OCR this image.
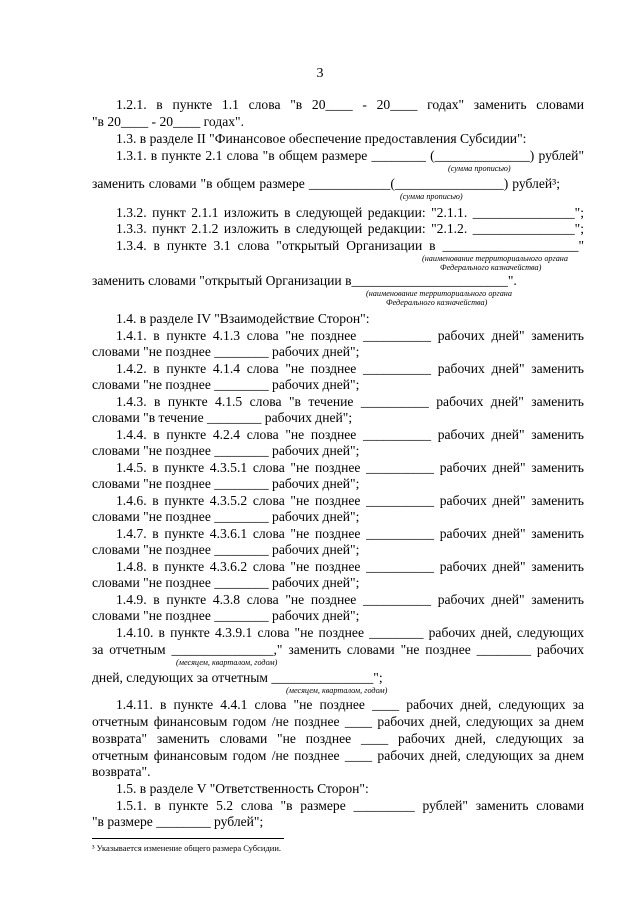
3
1.2.1. в пункте 1.1 слова "в 20____ - 20____ годах" заменить словами
"в 20____ - 20____ годах".
1.3. в разделе II "Финансовое обеспечение предоставления Субсидии":
1.3.1. в пункте 2.1 слова "в общем размере ________ (______________) рублей"
(сумма прописью)
заменить словами "в общем размере ____________(________________) рублей³;
(сумма прописью)
1.3.2. пункт 2.1.1 изложить в следующей редакции: "2.1.1. _______________";
1.3.3. пункт 2.1.2 изложить в следующей редакции: "2.1.2. _______________";
1.3.4. в пункте 3.1 слова "открытый Организации в ____________________"
(наименование территориального органа
Федерального казначейства)
заменить словами "открытый Организации в_______________________".
(наименование территориального органа
Федерального казначейства)
1.4. в разделе IV "Взаимодействие Сторон":
1.4.1. в пункте 4.1.3 слова "не позднее __________ рабочих дней" заменить
словами "не позднее ________ рабочих дней";
1.4.2. в пункте 4.1.4 слова "не позднее __________ рабочих дней" заменить
словами "не позднее ________ рабочих дней";
1.4.3. в пункте 4.1.5 слова "в течение __________ рабочих дней" заменить
словами "в течение ________ рабочих дней";
1.4.4. в пункте 4.2.4 слова "не позднее __________ рабочих дней" заменить
словами "не позднее ________ рабочих дней";
1.4.5. в пункте 4.3.5.1 слова "не позднее __________ рабочих дней" заменить
словами "не позднее ________ рабочих дней";
1.4.6. в пункте 4.3.5.2 слова "не позднее __________ рабочих дней" заменить
словами "не позднее ________ рабочих дней";
1.4.7. в пункте 4.3.6.1 слова "не позднее __________ рабочих дней" заменить
словами "не позднее ________ рабочих дней";
1.4.8. в пункте 4.3.6.2 слова "не позднее __________ рабочих дней" заменить
словами "не позднее ________ рабочих дней";
1.4.9. в пункте 4.3.8 слова "не позднее __________ рабочих дней" заменить
словами "не позднее ________ рабочих дней";
1.4.10. в пункте 4.3.9.1 слова "не позднее ________ рабочих дней, следующих
за отчетным _______________," заменить словами "не позднее ________ рабочих
(месяцем, кварталом, годом)
дней, следующих за отчетным _______________";
(месяцем, кварталом, годом)
1.4.11. в пункте 4.4.1 слова "не позднее ____ рабочих дней, следующих за
отчетным финансовым годом /не позднее ____ рабочих дней, следующих за днем
возврата" заменить словами "не позднее ____ рабочих дней, следующих за
отчетным финансовым годом /не позднее ____ рабочих дней, следующих за днем
возврата".
1.5. в разделе V "Ответственность Сторон":
1.5.1. в пункте 5.2 слова "в размере _________ рублей" заменить словами
"в размере ________ рублей";
³ Указывается изменение общего размера Субсидии.
